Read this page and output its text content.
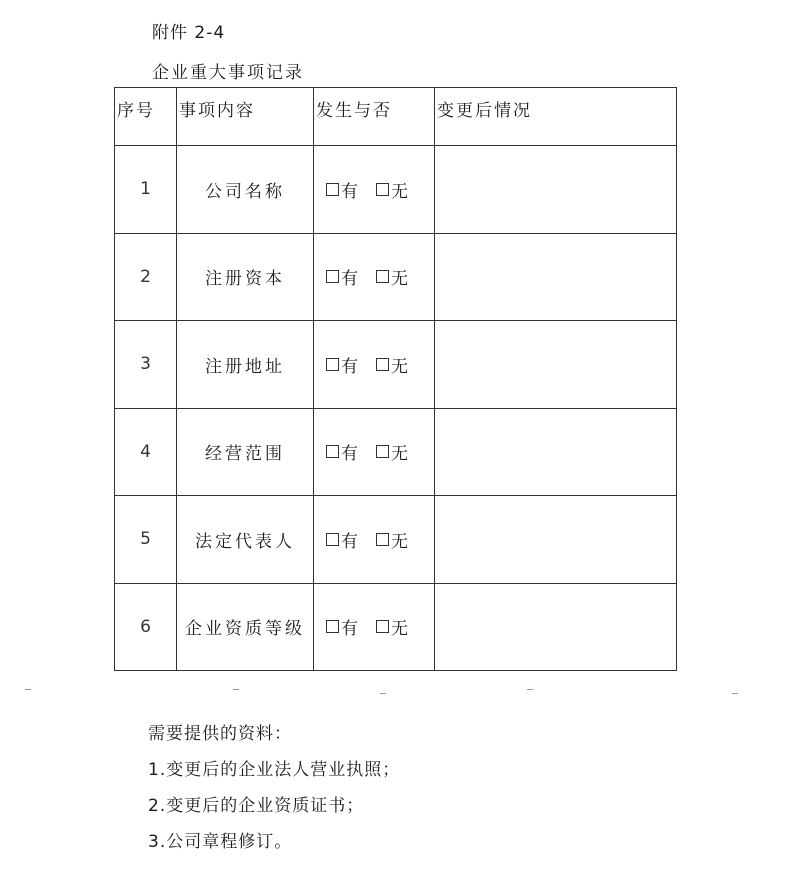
附件 2-4
企业重大事项记录
序号	事项内容	发生与否	变更后情况
1	公司名称	有 无	

2	注册资本	有 无	

3	注册地址	有 无	

4	经营范围	有 无	

5	法定代表人	有 无	

6	企业资质等级	有 无	

需要提供的资料：
1.变更后的企业法人营业执照；
2.变更后的企业资质证书；
3.公司章程修订。
